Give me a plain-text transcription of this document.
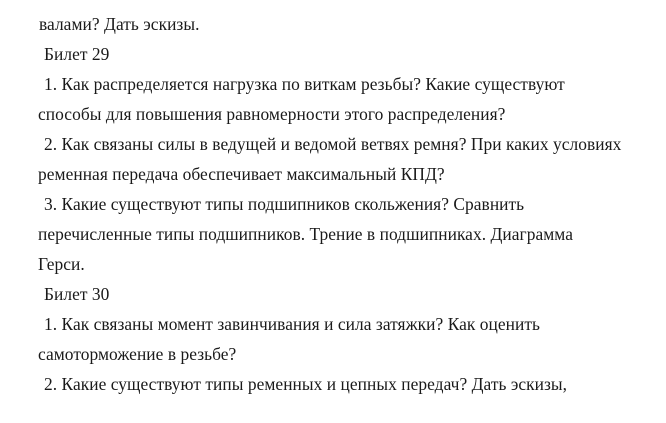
валами? Дать эскизы.
Билет 29
1. Как распределяется нагрузка по виткам резьбы? Какие существуют
способы для повышения равномерности этого распределения?
2. Как связаны силы в ведущей и ведомой ветвях ремня? При каких условиях
ременная передача обеспечивает максимальный КПД?
3. Какие существуют типы подшипников скольжения? Сравнить
перечисленные типы подшипников. Трение в подшипниках. Диаграмма
Герси.
Билет 30
1. Как связаны момент завинчивания и сила затяжки? Как оценить
самоторможение в резьбе?
2. Какие существуют типы ременных и цепных передач? Дать эскизы,
